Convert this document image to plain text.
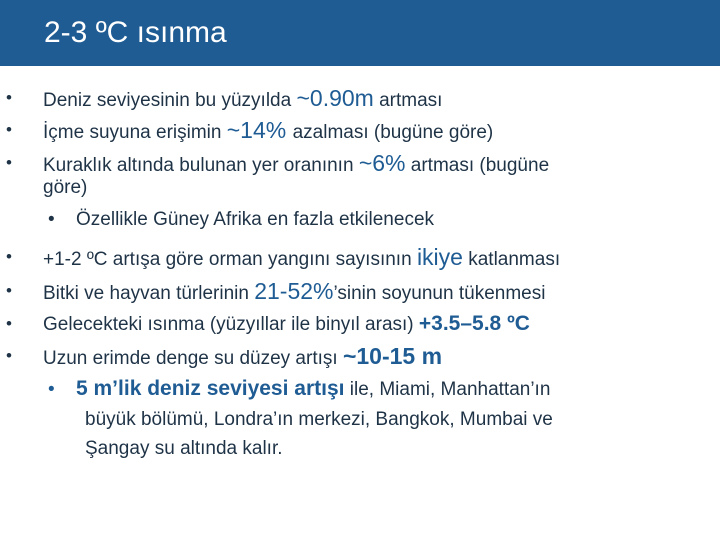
2-3 ºC ısınma
• Deniz seviyesinin bu yüzyılda ~0.90m artması
• İçme suyuna erişimin ~14% azalması (bugüne göre)
• Kuraklık altında bulunan yer oranının ~6% artması (bugüne
göre)
• Özellikle Güney Afrika en fazla etkilenecek
• +1-2 ºC artışa göre orman yangını sayısının ikiye katlanması
• Bitki ve hayvan türlerinin 21-52%’sinin soyunun tükenmesi
• Gelecekteki ısınma (yüzyıllar ile binyıl arası) +3.5–5.8 ºC
• Uzun erimde denge su düzey artışı ~10-15 m
• 5 m’lik deniz seviyesi artışı ile, Miami, Manhattan’ın
büyük bölümü, Londra’ın merkezi, Bangkok, Mumbai ve
Şangay su altında kalır.
